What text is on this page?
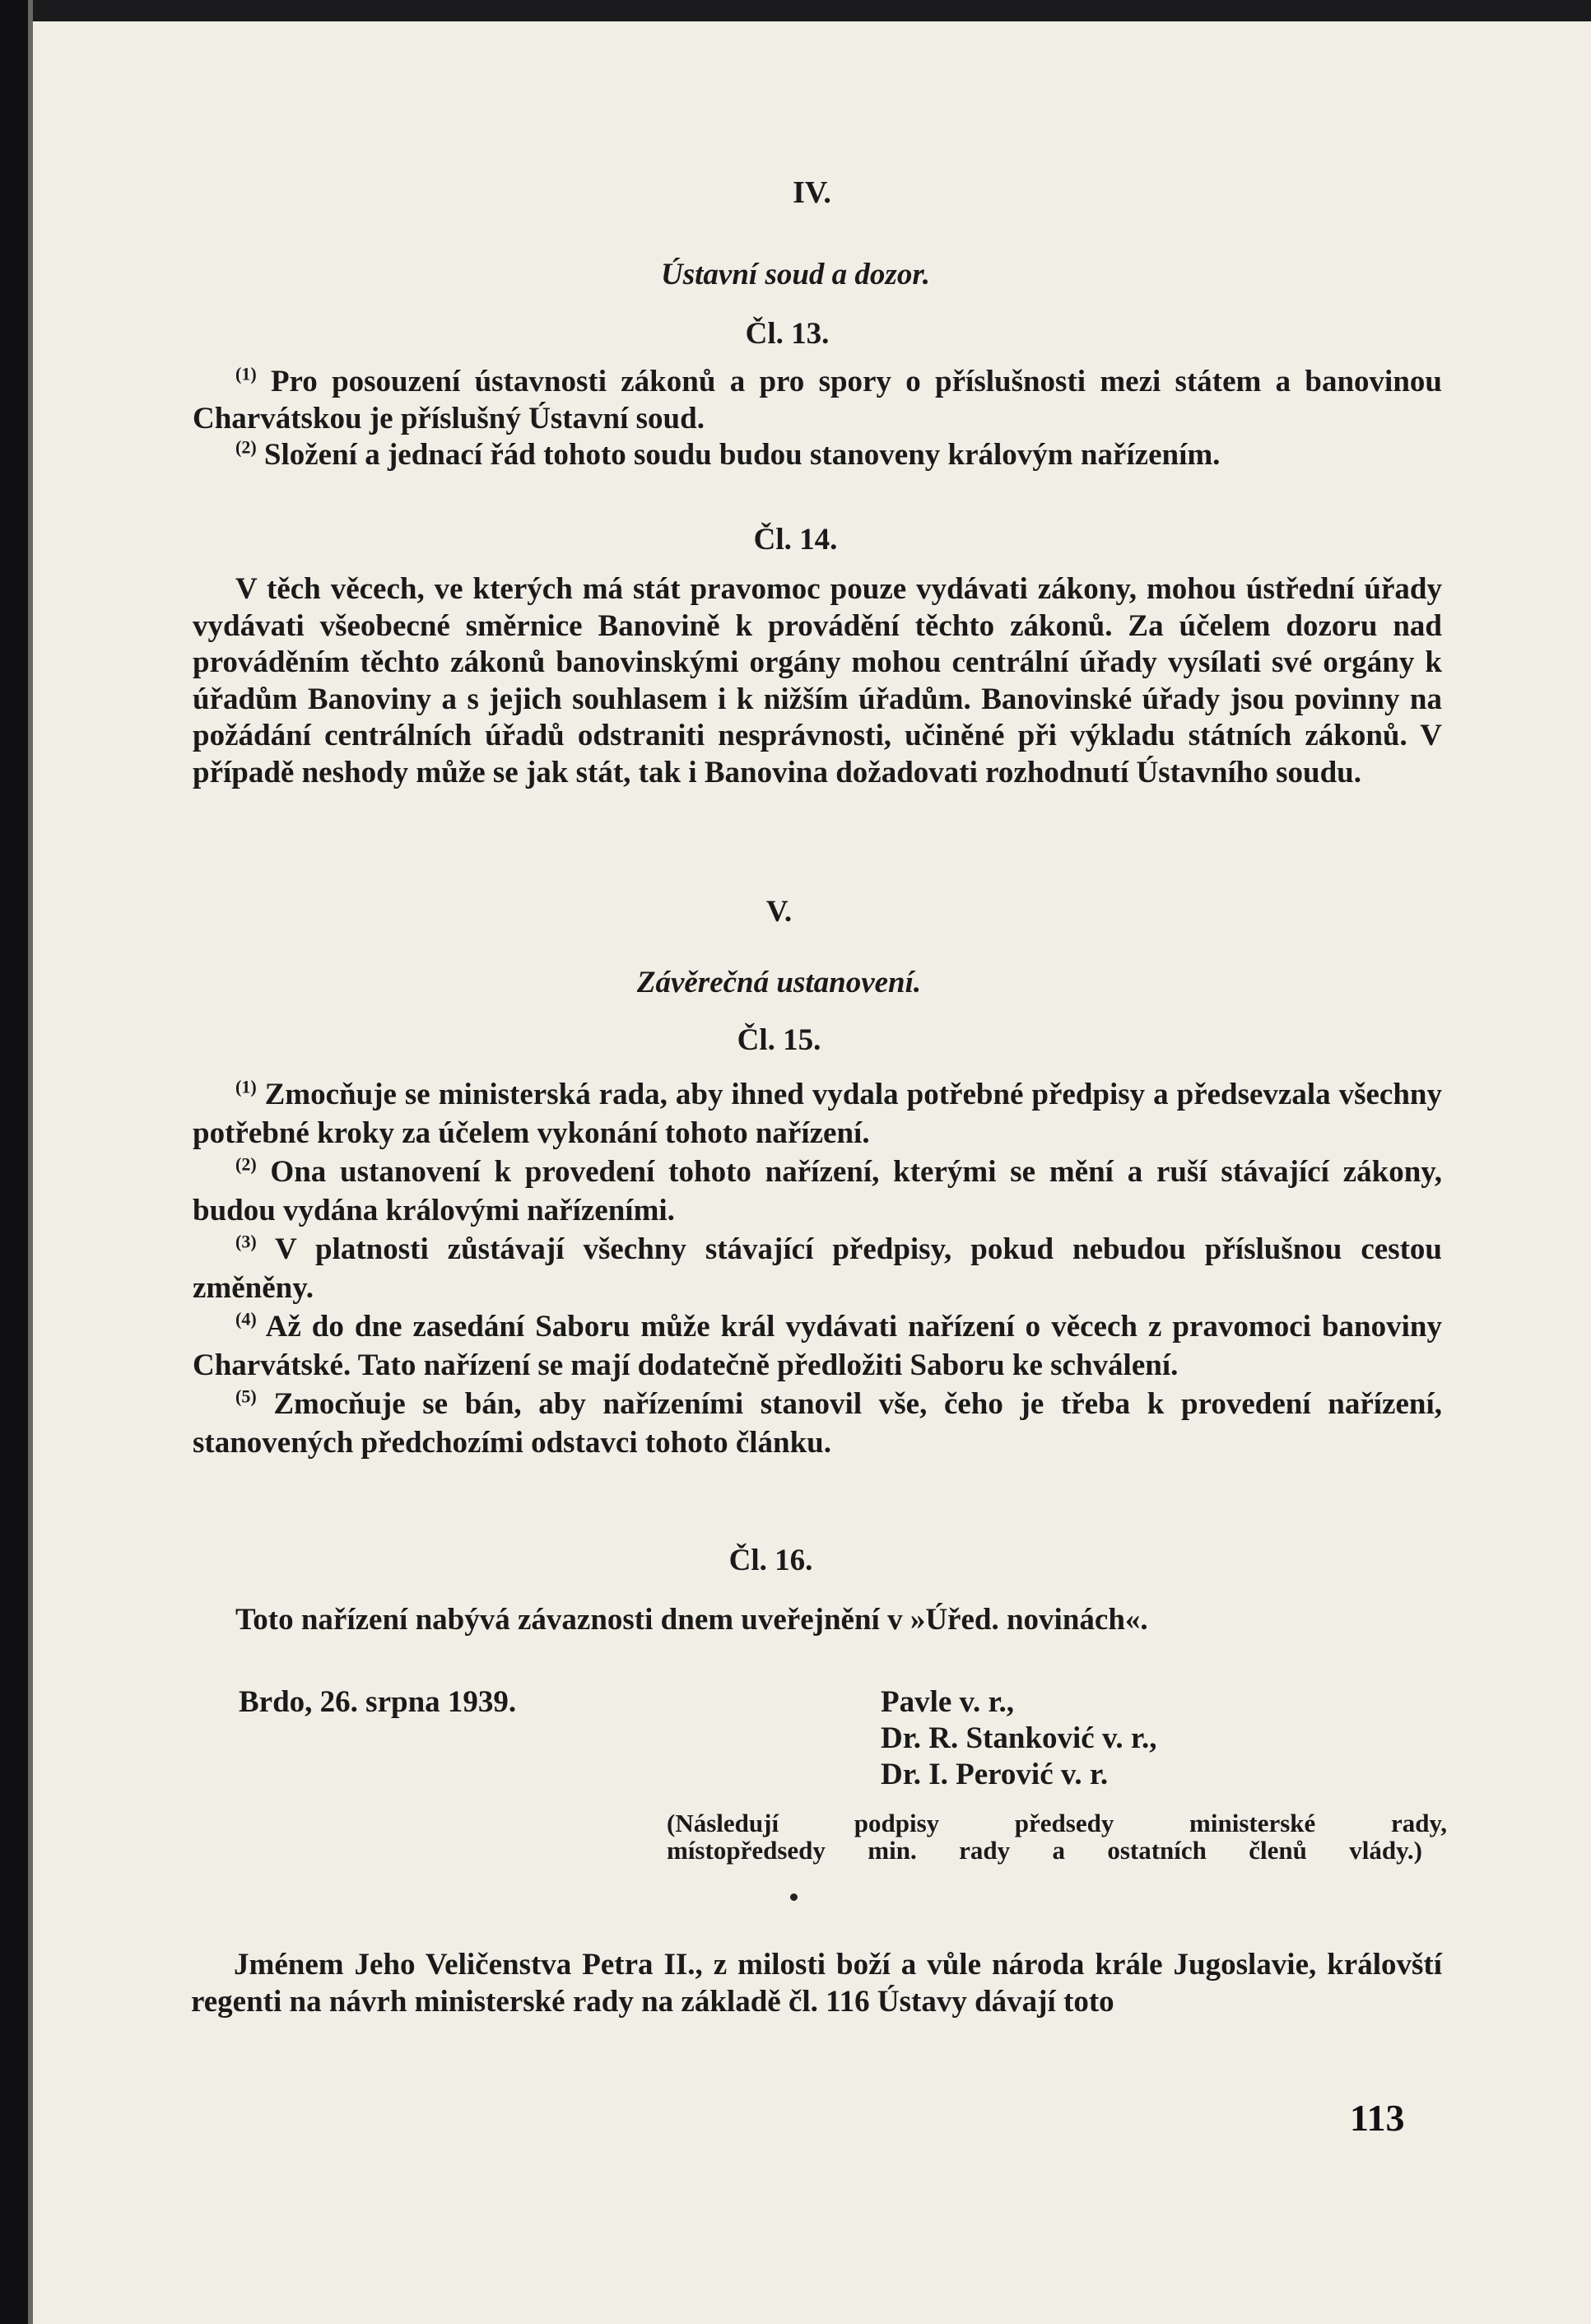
IV.
Ústavní soud a dozor.
Čl. 13.

$^{(1)}$ Pro posouzení ústavnosti zákonů a pro spory o příslušnosti mezi státem a banovinou Charvátskou je příslušný Ústavní soud.

$^{(2)}$ Složení a jednací řád tohoto soudu budou stanoveny královým nařízením.

Čl. 14.

V těch věcech, ve kterých má stát pravomoc pouze vydávati zákony, mohou ústřední úřady vydávati všeobecné směrnice Banovině k provádění těchto zákonů. Za účelem dozoru nad prováděním těchto zákonů banovinskými orgány mohou centrální úřady vysílati své orgány k úřadům Banoviny a s jejich souhlasem i k nižším úřadům. Banovinské úřady jsou povinny na požádání centrálních úřadů odstraniti nesprávnosti, učiněné při výkladu státních zákonů. V případě neshody může se jak stát, tak i Banovina dožadovati rozhodnutí Ústavního soudu.

V.
Závěrečná ustanovení.
Čl. 15.

$^{(1)}$ Zmocňuje se ministerská rada, aby ihned vydala potřebné předpisy a předsevzala všechny potřebné kroky za účelem vykonání tohoto nařízení.

$^{(2)}$ Ona ustanovení k provedení tohoto nařízení, kterými se mění a ruší stávající zákony, budou vydána královými nařízeními.

$^{(3)}$ V platnosti zůstávají všechny stávající předpisy, pokud nebudou příslušnou cestou změněny.

$^{(4)}$ Až do dne zasedání Saboru může král vydávati nařízení o věcech z pravomoci banoviny Charvátské. Tato nařízení se mají dodatečně předložiti Saboru ke schválení.

$^{(5)}$ Zmocňuje se bán, aby nařízeními stanovil vše, čeho je třeba k provedení nařízení, stanovených předchozími odstavci tohoto článku.

Čl. 16.

Toto nařízení nabývá závaznosti dnem uveřejnění v »Úřed. novinách«.

Brdo, 26. srpna 1939.	Pavle v. r.,
Dr. R. Stanković v. r.,
Dr. I. Perović v. r.
(Následují podpisy předsedy ministerské rady,
místopředsedy min. rady a ostatních členů vlády.)

Jménem Jeho Veličenstva Petra II., z milosti boží a vůle národa krále Jugoslavie, královští regenti na návrh ministerské rady na základě čl. 116 Ústavy dávají toto

113
